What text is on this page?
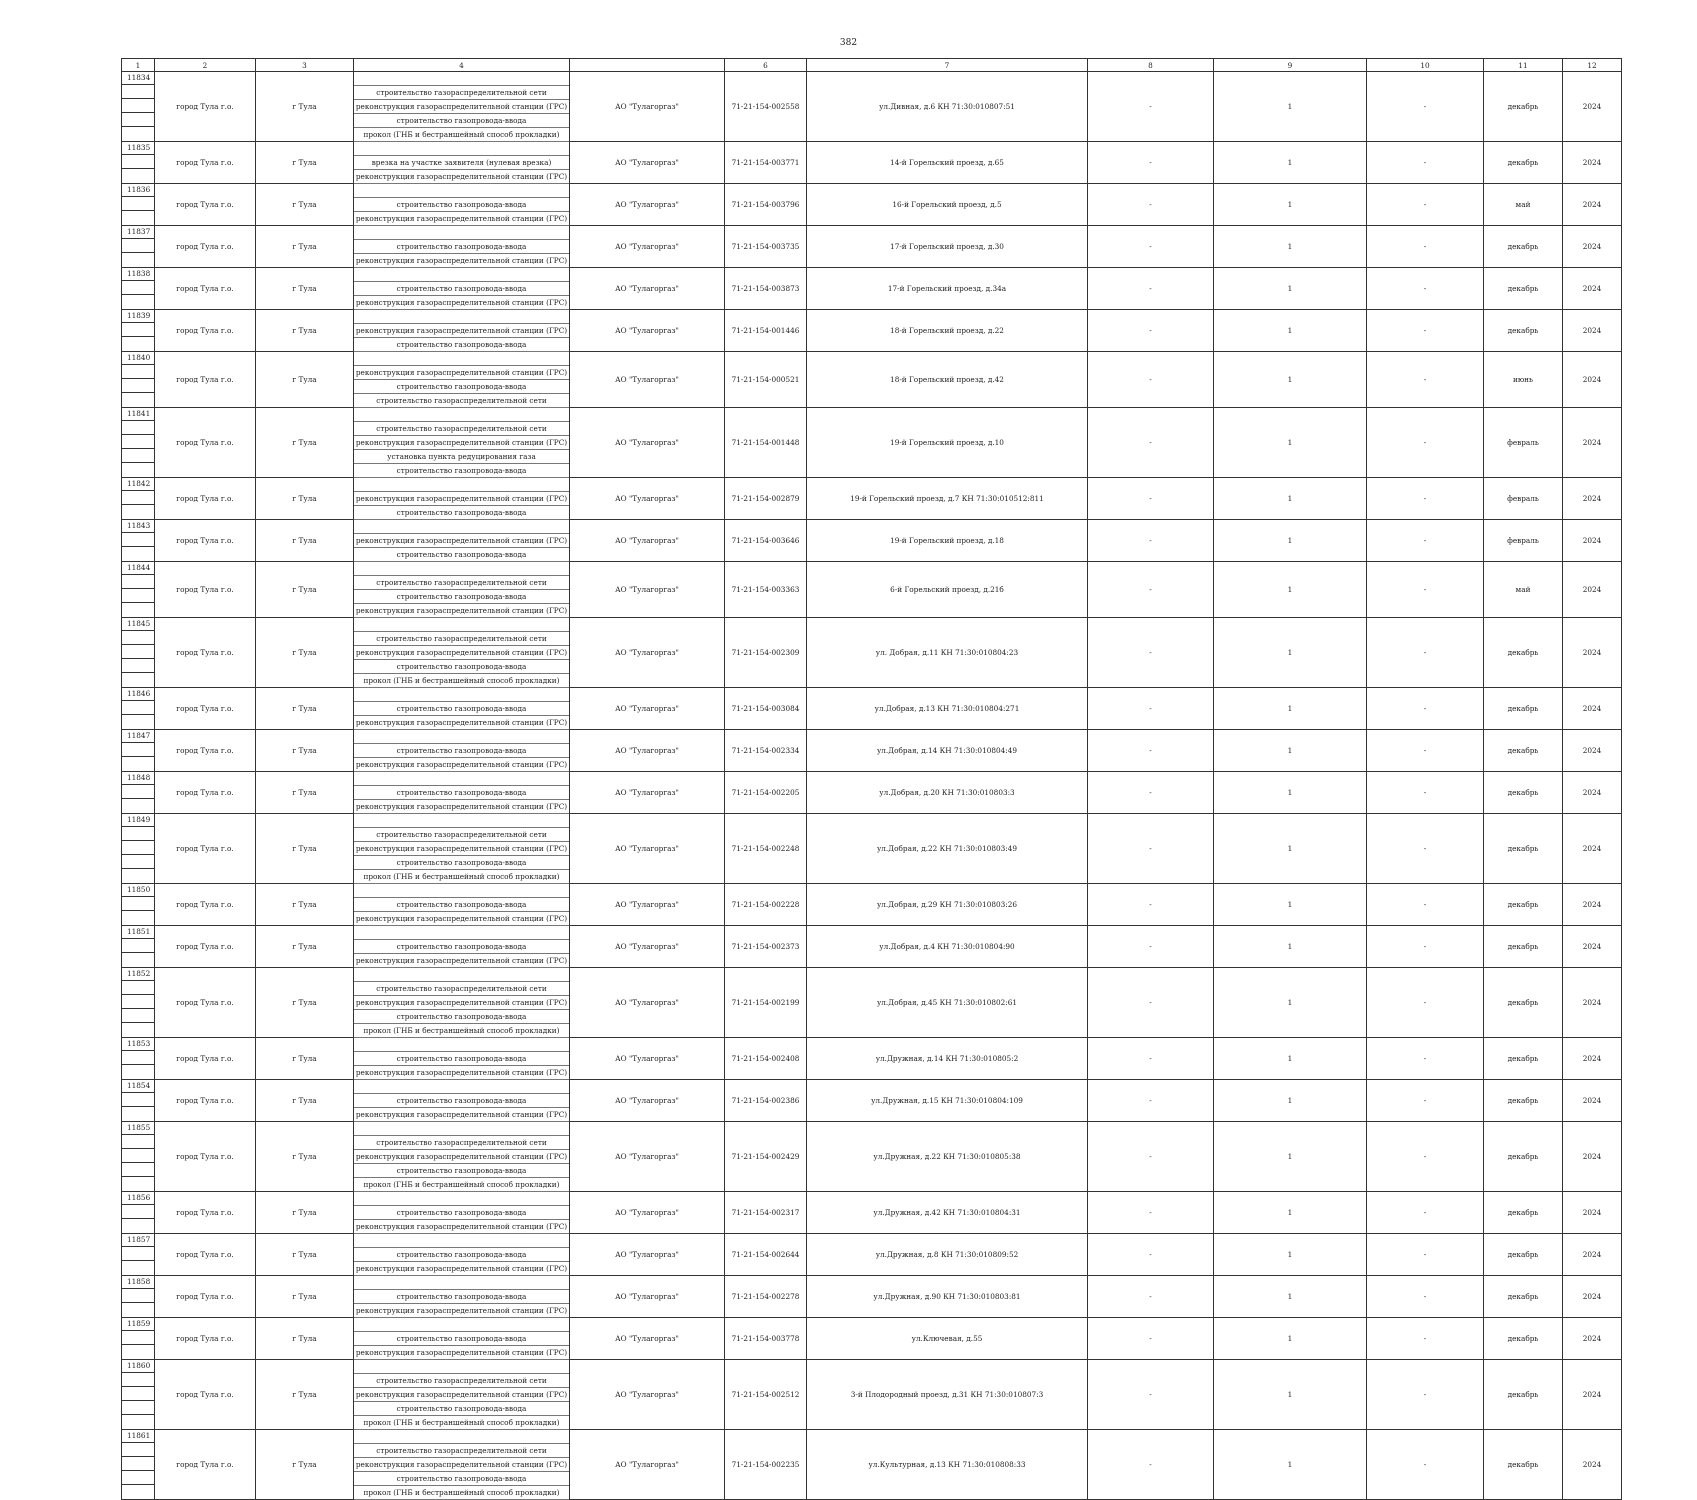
382
1	2	3	4		6	7	8	9	10	11	12

11834	город Тула г.о.	г Тула		АО "Тулагоргаз"	71-21-154-002558	ул.Дивная, д.6 КН 71:30:010807:51	-	1	-	декабрь	2024
			строительство газораспределительной сети								
			реконструкция газораспределительной станции (ГРС)								
			строительство газопровода-ввода								
			прокол (ГНБ и бестраншейный способ прокладки)								

11835	город Тула г.о.	г Тула		АО "Тулагоргаз"	71-21-154-003771	14-й Горельский проезд, д.65	-	1	-	декабрь	2024
			врезка на участке заявителя (нулевая врезка)								
			реконструкция газораспределительной станции (ГРС)								

11836	город Тула г.о.	г Тула		АО "Тулагоргаз"	71-21-154-003796	16-й Горельский проезд, д.5	-	1	-	май	2024
			строительство газопровода-ввода								
			реконструкция газораспределительной станции (ГРС)								

11837	город Тула г.о.	г Тула		АО "Тулагоргаз"	71-21-154-003735	17-й Горельский проезд, д.30	-	1	-	декабрь	2024
			строительство газопровода-ввода								
			реконструкция газораспределительной станции (ГРС)								

11838	город Тула г.о.	г Тула		АО "Тулагоргаз"	71-21-154-003873	17-й Горельский проезд, д.34а	-	1	-	декабрь	2024
			строительство газопровода-ввода								
			реконструкция газораспределительной станции (ГРС)								

11839	город Тула г.о.	г Тула		АО "Тулагоргаз"	71-21-154-001446	18-й Горельский проезд, д.22	-	1	-	декабрь	2024
			реконструкция газораспределительной станции (ГРС)								
			строительство газопровода-ввода								

11840	город Тула г.о.	г Тула		АО "Тулагоргаз"	71-21-154-000521	18-й Горельский проезд, д.42	-	1	-	июнь	2024
			реконструкция газораспределительной станции (ГРС)								
			строительство газопровода-ввода								
			строительство газораспределительной сети								

11841	город Тула г.о.	г Тула		АО "Тулагоргаз"	71-21-154-001448	19-й Горельский проезд, д.10	-	1	-	февраль	2024
			строительство газораспределительной сети								
			реконструкция газораспределительной станции (ГРС)								
			установка пункта редуцирования газа								
			строительство газопровода-ввода								

11842	город Тула г.о.	г Тула		АО "Тулагоргаз"	71-21-154-002879	19-й Горельский проезд, д.7 КН 71:30:010512:811	-	1	-	февраль	2024
			реконструкция газораспределительной станции (ГРС)								
			строительство газопровода-ввода								

11843	город Тула г.о.	г Тула		АО "Тулагоргаз"	71-21-154-003646	19-й Горельский проезд, д.18	-	1	-	февраль	2024
			реконструкция газораспределительной станции (ГРС)								
			строительство газопровода-ввода								

11844	город Тула г.о.	г Тула		АО "Тулагоргаз"	71-21-154-003363	6-й Горельский проезд, д.21б	-	1	-	май	2024
			строительство газораспределительной сети								
			строительство газопровода-ввода								
			реконструкция газораспределительной станции (ГРС)								

11845	город Тула г.о.	г Тула		АО "Тулагоргаз"	71-21-154-002309	ул. Добрая, д.11 КН 71:30:010804:23	-	1	-	декабрь	2024
			строительство газораспределительной сети								
			реконструкция газораспределительной станции (ГРС)								
			строительство газопровода-ввода								
			прокол (ГНБ и бестраншейный способ прокладки)								

11846	город Тула г.о.	г Тула		АО "Тулагоргаз"	71-21-154-003084	ул.Добрая, д.13 КН 71:30:010804:271	-	1	-	декабрь	2024
			строительство газопровода-ввода								
			реконструкция газораспределительной станции (ГРС)								

11847	город Тула г.о.	г Тула		АО "Тулагоргаз"	71-21-154-002334	ул.Добрая, д.14 КН 71:30:010804:49	-	1	-	декабрь	2024
			строительство газопровода-ввода								
			реконструкция газораспределительной станции (ГРС)								

11848	город Тула г.о.	г Тула		АО "Тулагоргаз"	71-21-154-002205	ул.Добрая, д.20 КН 71:30:010803:3	-	1	-	декабрь	2024
			строительство газопровода-ввода								
			реконструкция газораспределительной станции (ГРС)								

11849	город Тула г.о.	г Тула		АО "Тулагоргаз"	71-21-154-002248	ул.Добрая, д.22 КН 71:30:010803:49	-	1	-	декабрь	2024
			строительство газораспределительной сети								
			реконструкция газораспределительной станции (ГРС)								
			строительство газопровода-ввода								
			прокол (ГНБ и бестраншейный способ прокладки)								

11850	город Тула г.о.	г Тула		АО "Тулагоргаз"	71-21-154-002228	ул.Добрая, д.29 КН 71:30:010803:26	-	1	-	декабрь	2024
			строительство газопровода-ввода								
			реконструкция газораспределительной станции (ГРС)								

11851	город Тула г.о.	г Тула		АО "Тулагоргаз"	71-21-154-002373	ул.Добрая, д.4 КН 71:30:010804:90	-	1	-	декабрь	2024
			строительство газопровода-ввода								
			реконструкция газораспределительной станции (ГРС)								

11852	город Тула г.о.	г Тула		АО "Тулагоргаз"	71-21-154-002199	ул.Добрая, д.45 КН 71:30:010802:61	-	1	-	декабрь	2024
			строительство газораспределительной сети								
			реконструкция газораспределительной станции (ГРС)								
			строительство газопровода-ввода								
			прокол (ГНБ и бестраншейный способ прокладки)								

11853	город Тула г.о.	г Тула		АО "Тулагоргаз"	71-21-154-002408	ул.Дружная, д.14 КН 71:30:010805:2	-	1	-	декабрь	2024
			строительство газопровода-ввода								
			реконструкция газораспределительной станции (ГРС)								

11854	город Тула г.о.	г Тула		АО "Тулагоргаз"	71-21-154-002386	ул.Дружная, д.15 КН 71:30:010804:109	-	1	-	декабрь	2024
			строительство газопровода-ввода								
			реконструкция газораспределительной станции (ГРС)								

11855	город Тула г.о.	г Тула		АО "Тулагоргаз"	71-21-154-002429	ул.Дружная, д.22 КН 71:30:010805:38	-	1	-	декабрь	2024
			строительство газораспределительной сети								
			реконструкция газораспределительной станции (ГРС)								
			строительство газопровода-ввода								
			прокол (ГНБ и бестраншейный способ прокладки)								

11856	город Тула г.о.	г Тула		АО "Тулагоргаз"	71-21-154-002317	ул.Дружная, д.42 КН 71:30:010804:31	-	1	-	декабрь	2024
			строительство газопровода-ввода								
			реконструкция газораспределительной станции (ГРС)								

11857	город Тула г.о.	г Тула		АО "Тулагоргаз"	71-21-154-002644	ул.Дружная, д.8 КН 71:30:010809:52	-	1	-	декабрь	2024
			строительство газопровода-ввода								
			реконструкция газораспределительной станции (ГРС)								

11858	город Тула г.о.	г Тула		АО "Тулагоргаз"	71-21-154-002278	ул.Дружная, д.90 КН 71:30:010803:81	-	1	-	декабрь	2024
			строительство газопровода-ввода								
			реконструкция газораспределительной станции (ГРС)								

11859	город Тула г.о.	г Тула		АО "Тулагоргаз"	71-21-154-003778	ул.Ключевая, д.55	-	1	-	декабрь	2024
			строительство газопровода-ввода								
			реконструкция газораспределительной станции (ГРС)								

11860	город Тула г.о.	г Тула		АО "Тулагоргаз"	71-21-154-002512	3-й Плодородный проезд, д.31 КН 71:30:010807:3	-	1	-	декабрь	2024
			строительство газораспределительной сети								
			реконструкция газораспределительной станции (ГРС)								
			строительство газопровода-ввода								
			прокол (ГНБ и бестраншейный способ прокладки)								

11861	город Тула г.о.	г Тула		АО "Тулагоргаз"	71-21-154-002235	ул.Культурная, д.13 КН 71:30:010808:33	-	1	-	декабрь	2024
			строительство газораспределительной сети								
			реконструкция газораспределительной станции (ГРС)								
			строительство газопровода-ввода								
			прокол (ГНБ и бестраншейный способ прокладки)								
